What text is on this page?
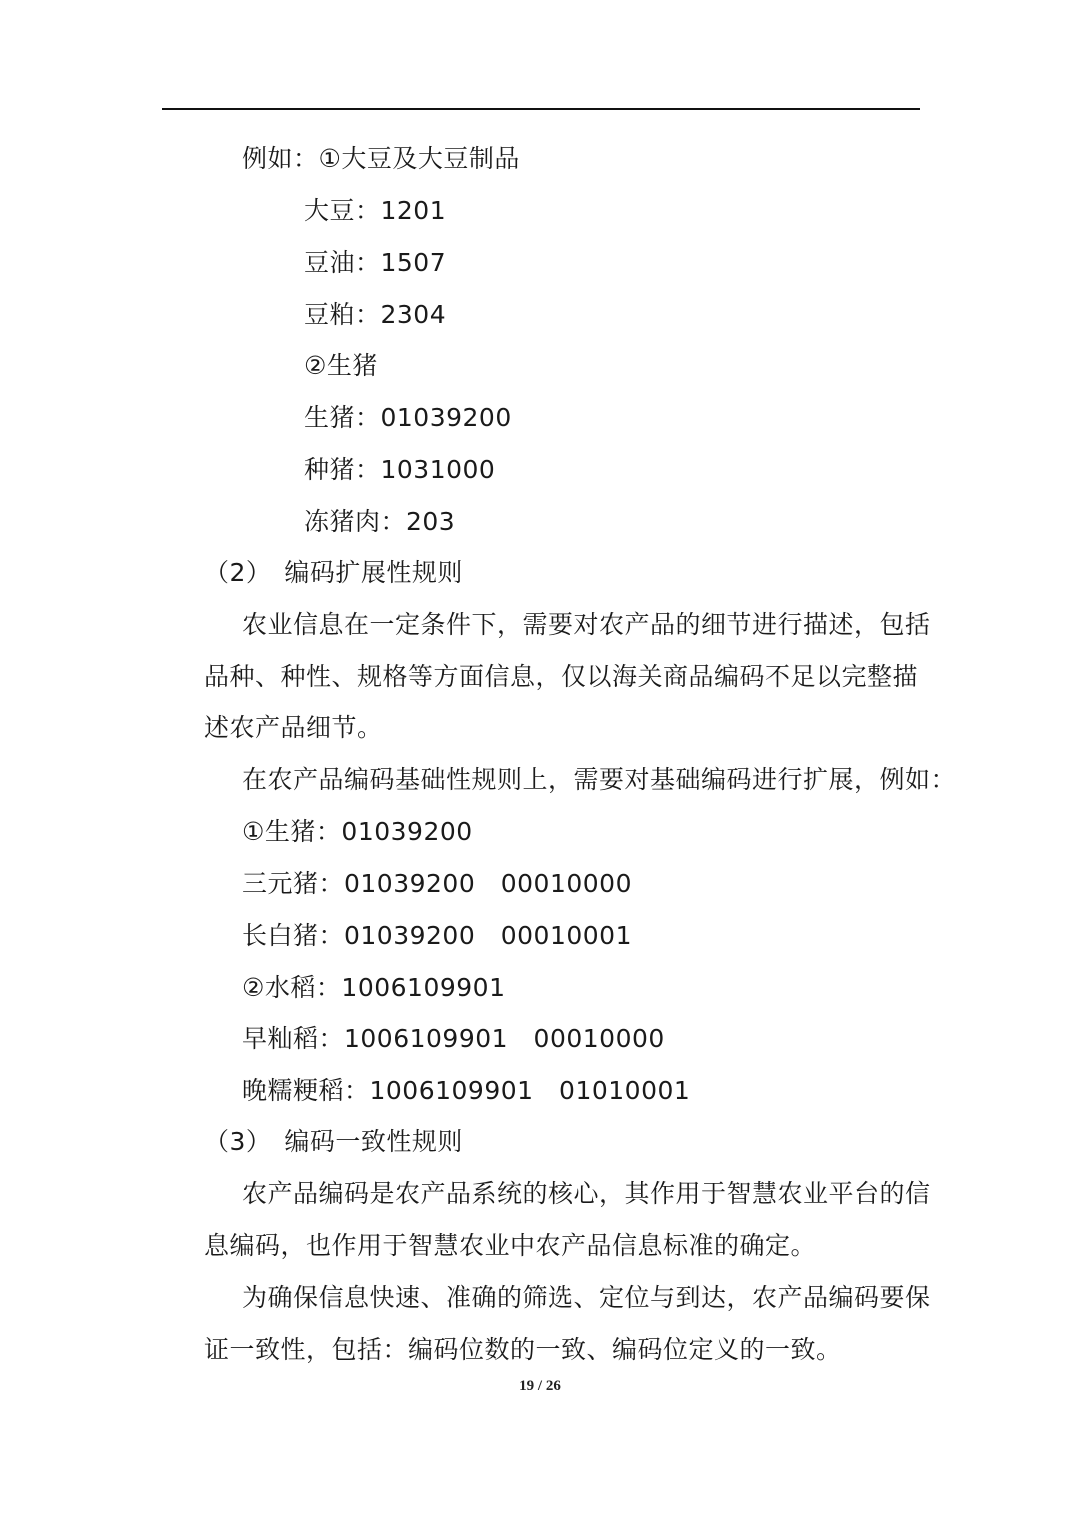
例如：①大豆及大豆制品
大豆：1201
豆油：1507
豆粕：2304
②生猪
生猪：01039200
种猪：1031000
冻猪肉：203
（2）　编码扩展性规则
农业信息在一定条件下，需要对农产品的细节进行描述，包括
品种、种性、规格等方面信息，仅以海关商品编码不足以完整描
述农产品细节。
在农产品编码基础性规则上，需要对基础编码进行扩展，例如：
①生猪：01039200
三元猪：01039200　00010000
长白猪：01039200　00010001
②水稻：1006109901
早籼稻：1006109901　00010000
晚糯粳稻：1006109901　01010001
（3）　编码一致性规则
农产品编码是农产品系统的核心，其作用于智慧农业平台的信
息编码，也作用于智慧农业中农产品信息标准的确定。
为确保信息快速、准确的筛选、定位与到达，农产品编码要保
证一致性，包括：编码位数的一致、编码位定义的一致。
19 / 26
